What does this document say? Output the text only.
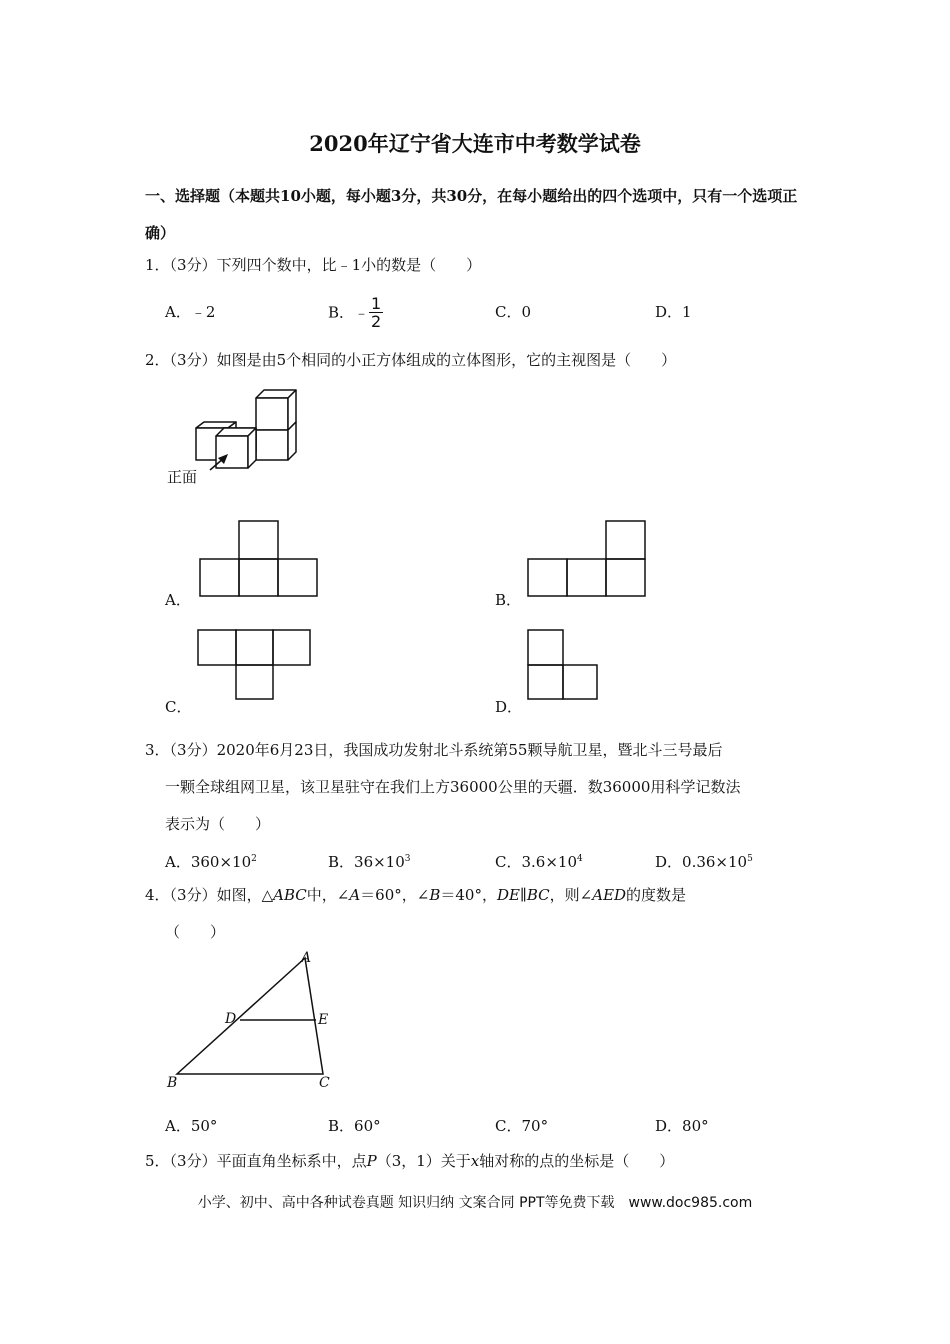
2020年辽宁省大连市中考数学试卷
一、选择题（本题共10小题，每小题3分，共30分，在每小题给出的四个选项中，只有一个选项正确）
1．（3分）下列四个数中，比﹣1小的数是（　　）
A．﹣2	B．﹣ $\frac{1}{2}$	C．0	D．1
2．（3分）如图是由5个相同的小正方体组成的立体图形，它的主视图是（　　）
正面
A．	B．
C．	D．
3．（3分）2020年6月23日，我国成功发射北斗系统第55颗导航卫星，暨北斗三号最后
一颗全球组网卫星，该卫星驻守在我们上方36000公里的天疆．数36000用科学记数法
表示为（　　）
A．$360\times 10^2$	B．$36\times 10^3$	C．$3.6\times 10^4$	D．$0.36\times 10^5$
4．（3分）如图，△ABC中，∠A＝60°，∠B＝40°，DE∥BC，则∠AED的度数是
（　　）
A
D	E
B	C
A．50°	B．60°	C．70°	D．80°
5．（3分）平面直角坐标系中，点P（3，1）关于x轴对称的点的坐标是（　　）
小学、初中、高中各种试卷真题 知识归纳 文案合同 PPT等免费下载　www.doc985.com
